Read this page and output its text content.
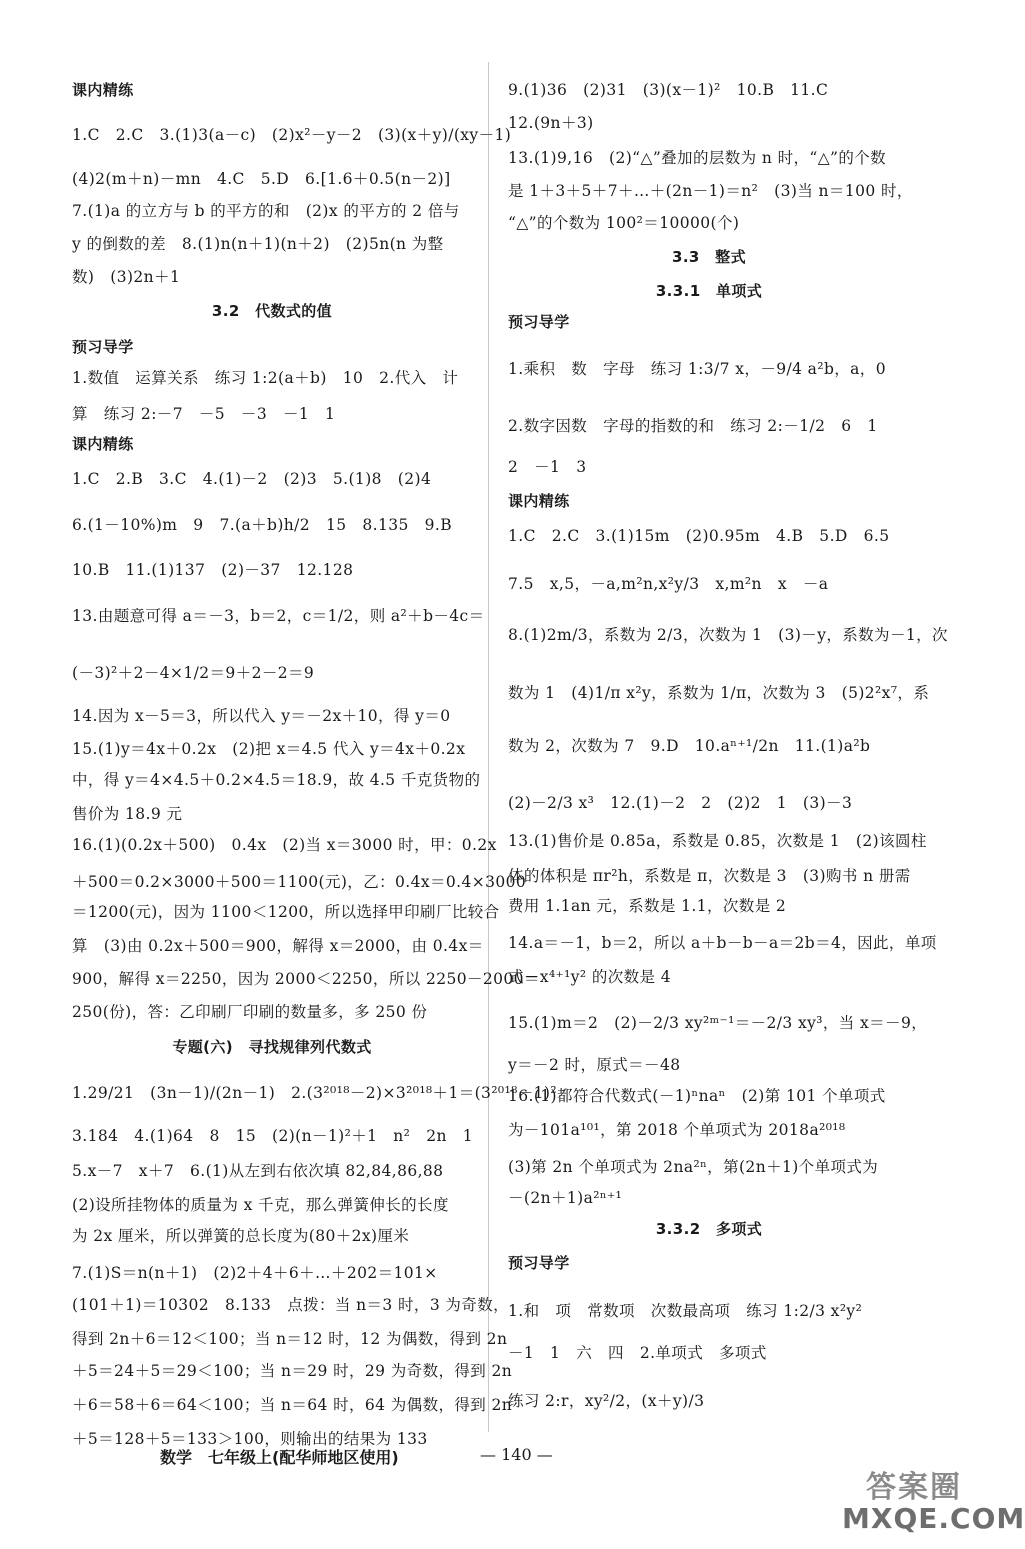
课内精练
1.C　2.C　3.(1)3(a－c)　(2)x²－y－2　(3)(x＋y)/(xy－1)
(4)2(m＋n)－mn　4.C　5.D　6.[1.6＋0.5(n－2)]
7.(1)a 的立方与 b 的平方的和　(2)x 的平方的 2 倍与
y 的倒数的差　8.(1)n(n＋1)(n＋2)　(2)5n(n 为整
数)　(3)2n＋1
3.2　代数式的值
预习导学
1.数值　运算关系　练习 1:2(a＋b)　10　2.代入　计
算　练习 2:－7　－5　－3　－1　1
课内精练
1.C　2.B　3.C　4.(1)－2　(2)3　5.(1)8　(2)4
6.(1－10%)m　9　7.(a＋b)h/2　15　8.135　9.B
10.B　11.(1)137　(2)－37　12.128
13.由题意可得 a＝－3，b＝2，c＝1/2，则 a²＋b－4c＝
(－3)²＋2－4×1/2＝9＋2－2＝9
14.因为 x－5＝3，所以代入 y＝－2x＋10，得 y＝0
15.(1)y＝4x＋0.2x　(2)把 x＝4.5 代入 y＝4x＋0.2x
中，得 y＝4×4.5＋0.2×4.5＝18.9，故 4.5 千克货物的
售价为 18.9 元
16.(1)(0.2x＋500)　0.4x　(2)当 x＝3000 时，甲：0.2x
＋500＝0.2×3000＋500＝1100(元)，乙：0.4x＝0.4×3000
＝1200(元)，因为 1100＜1200，所以选择甲印刷厂比较合
算　(3)由 0.2x＋500＝900，解得 x＝2000，由 0.4x＝
900，解得 x＝2250，因为 2000＜2250，所以 2250－2000＝
250(份)，答：乙印刷厂印刷的数量多，多 250 份
专题(六)　寻找规律列代数式
1.29/21　(3n－1)/(2n－1)　2.(3²⁰¹⁸－2)×3²⁰¹⁸＋1＝(3²⁰¹⁸－1)²
3.184　4.(1)64　8　15　(2)(n－1)²＋1　n²　2n　1
5.x－7　x＋7　6.(1)从左到右依次填 82,84,86,88
(2)设所挂物体的质量为 x 千克，那么弹簧伸长的长度
为 2x 厘米，所以弹簧的总长度为(80＋2x)厘米
7.(1)S＝n(n＋1)　(2)2＋4＋6＋…＋202＝101×
(101＋1)＝10302　8.133　点拨：当 n＝3 时，3 为奇数，
得到 2n＋6＝12＜100；当 n＝12 时，12 为偶数，得到 2n
＋5＝24＋5＝29＜100；当 n＝29 时，29 为奇数，得到 2n
＋6＝58＋6＝64＜100；当 n＝64 时，64 为偶数，得到 2n
＋5＝128＋5＝133＞100，则输出的结果为 133
9.(1)36　(2)31　(3)(x－1)²　10.B　11.C
12.(9n＋3)
13.(1)9,16　(2)“△”叠加的层数为 n 时，“△”的个数
是 1＋3＋5＋7＋…＋(2n－1)＝n²　(3)当 n＝100 时，
“△”的个数为 100²＝10000(个)
3.3　整式
3.3.1　单项式
预习导学
1.乘积　数　字母　练习 1:3/7 x，－9/4 a²b，a，0
2.数字因数　字母的指数的和　练习 2:－1/2　6　1
2　－1　3
课内精练
1.C　2.C　3.(1)15m　(2)0.95m　4.B　5.D　6.5
7.5　x,5，－a,m²n,x²y/3　x,m²n　x　－a
8.(1)2m/3，系数为 2/3，次数为 1　(3)－y，系数为－1，次
数为 1　(4)1/π x²y，系数为 1/π，次数为 3　(5)2²x⁷，系
数为 2，次数为 7　9.D　10.aⁿ⁺¹/2n　11.(1)a²b
(2)－2/3 x³　12.(1)－2　2　(2)2　1　(3)－3
13.(1)售价是 0.85a，系数是 0.85，次数是 1　(2)该圆柱
体的体积是 πr²h，系数是 π，次数是 3　(3)购书 n 册需
费用 1.1an 元，系数是 1.1，次数是 2
14.a＝－1，b＝2，所以 a＋b－b－a＝2b＝4，因此，单项
式－x⁴⁺¹y² 的次数是 4
15.(1)m＝2　(2)－2/3 xy²ᵐ⁻¹＝－2/3 xy³，当 x＝－9，
y＝－2 时，原式＝－48
16.(1)都符合代数式(－1)ⁿnaⁿ　(2)第 101 个单项式
为－101a¹⁰¹，第 2018 个单项式为 2018a²⁰¹⁸
(3)第 2n 个单项式为 2na²ⁿ，第(2n＋1)个单项式为
－(2n＋1)a²ⁿ⁺¹
3.3.2　多项式
预习导学
1.和　项　常数项　次数最高项　练习 1:2/3 x²y²
－1　1　六　四　2.单项式　多项式
练习 2:r，xy²/2，(x＋y)/3
数学　七年级上(配华师地区使用)	— 140 —
答案圈
MXQE.COM
